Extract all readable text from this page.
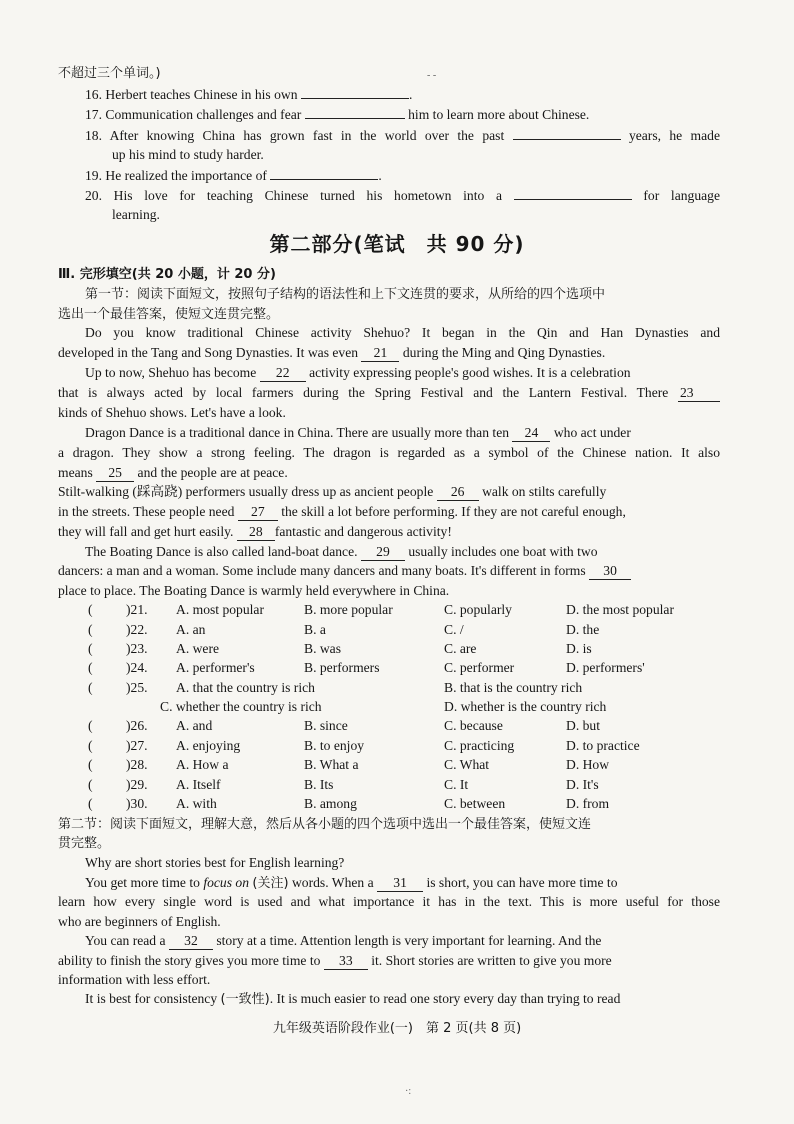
- -
·:
不超过三个单词。)
16. Herbert teaches Chinese in his own	.
17. Communication challenges and fear	him to learn more about Chinese.
18. After knowing China has grown fast in the world over the past	years, he made
up his mind to study harder.
19. He realized the importance of	.
20. His love for teaching Chinese turned his hometown into a	for language
learning.
第二部分(笔试　共 90 分)
Ⅲ. 完形填空(共 20 小题，计 20 分)
第一节：阅读下面短文，按照句子结构的语法性和上下文连贯的要求，从所给的四个选项中
选出一个最佳答案，使短文连贯完整。
Do you know traditional Chinese activity Shehuo? It began in the Qin and Han Dynasties and
developed in the Tang and Song Dynasties. It was even 21 during the Ming and Qing Dynasties.
Up to now, Shehuo has become 22 activity expressing people's good wishes. It is a celebration
that is always acted by local farmers during the Spring Festival and the Lantern Festival. There 23
kinds of Shehuo shows. Let's have a look.
Dragon Dance is a traditional dance in China. There are usually more than ten 24 who act under
a dragon. They show a strong feeling. The dragon is regarded as a symbol of the Chinese nation. It also
means 25 and the people are at peace.
Stilt-walking (踩高跷) performers usually dress up as ancient people 26 walk on stilts carefully
in the streets. These people need 27 the skill a lot before performing. If they are not careful enough,
they will fall and get hurt easily. 28 fantastic and dangerous activity!
The Boating Dance is also called land-boat dance. 29 usually includes one boat with two
dancers: a man and a woman. Some include many dancers and many boats. It's different in forms 30
place to place. The Boating Dance is warmly held everywhere in China.
( )21. A. most popular	B. more popular	C. popularly	D. the most popular
( )22. A. an	B. a	C. /	D. the
( )23. A. were	B. was	C. are	D. is
( )24. A. performer's	B. performers	C. performer	D. performers'
( )25. A. that the country is rich	B. that is the country rich
C. whether the country is rich	D. whether is the country rich
( )26. A. and	B. since	C. because	D. but
( )27. A. enjoying	B. to enjoy	C. practicing	D. to practice
( )28. A. How a	B. What a	C. What	D. How
( )29. A. Itself	B. Its	C. It	D. It's
( )30. A. with	B. among	C. between	D. from
第二节：阅读下面短文，理解大意，然后从各小题的四个选项中选出一个最佳答案，使短文连
贯完整。
Why are short stories best for English learning?
You get more time to focus on (关注) words. When a 31 is short, you can have more time to
learn how every single word is used and what importance it has in the text. This is more useful for those
who are beginners of English.
You can read a 32 story at a time. Attention length is very important for learning. And the
ability to finish the story gives you more time to 33 it. Short stories are written to give you more
information with less effort.
It is best for consistency (一致性). It is much easier to read one story every day than trying to read
九年级英语阶段作业(一)　第 2 页(共 8 页)
